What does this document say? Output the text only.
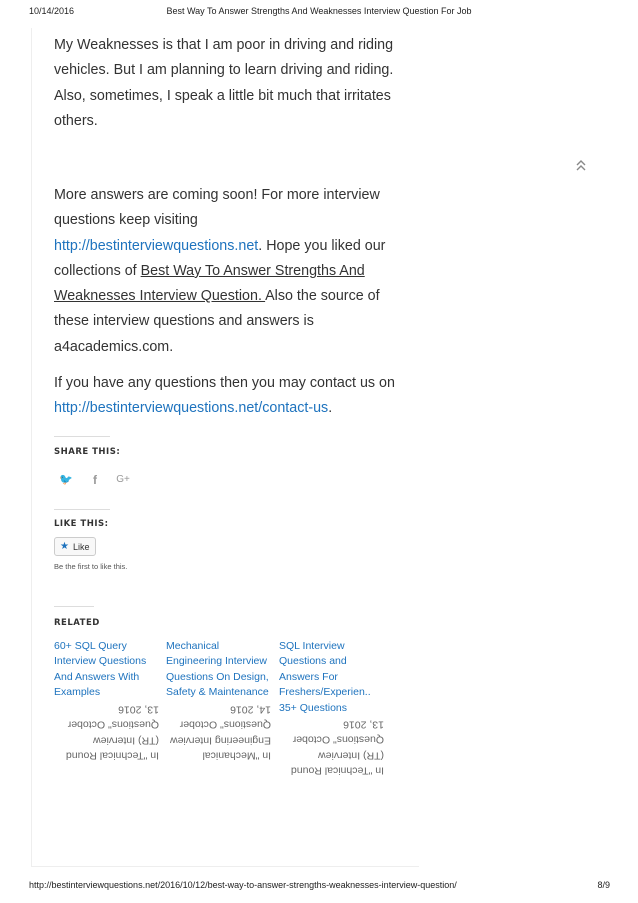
10/14/2016	Best Way To Answer Strengths And Weaknesses Interview Question For Job

My Weaknesses is that I am poor in driving and riding vehicles. But I am planning to learn driving and riding. Also, sometimes, I speak a little bit much that irritates others.

More answers are coming soon! For more interview questions keep visiting http://bestinterviewquestions.net. Hope you liked our collections of Best Way To Answer Strengths And Weaknesses Interview Question. Also the source of these interview questions and answers is a4academics.com.

If you have any questions then you may contact us on http://bestinterviewquestions.net/contact-us.

SHARE THIS:
🐦	f	G+
LIKE THIS:
★ Like
Be the first to like this.
RELATED

60+ SQL Query Interview Questions And Answers With Examples

In "Technical Round (TR) Interview Questions" October 13, 2016

Mechanical Engineering Interview Questions On Design, Safety & Maintenance

In "Mechanical Engineering Interview Questions" October 14, 2016

SQL Interview Questions and Answers For Freshers/Experien.. 35+ Questions

In "Technical Round (TR) Interview Questions" October 13, 2016

http://bestinterviewquestions.net/2016/10/12/best-way-to-answer-strengths-weaknesses-interview-question/	8/9
